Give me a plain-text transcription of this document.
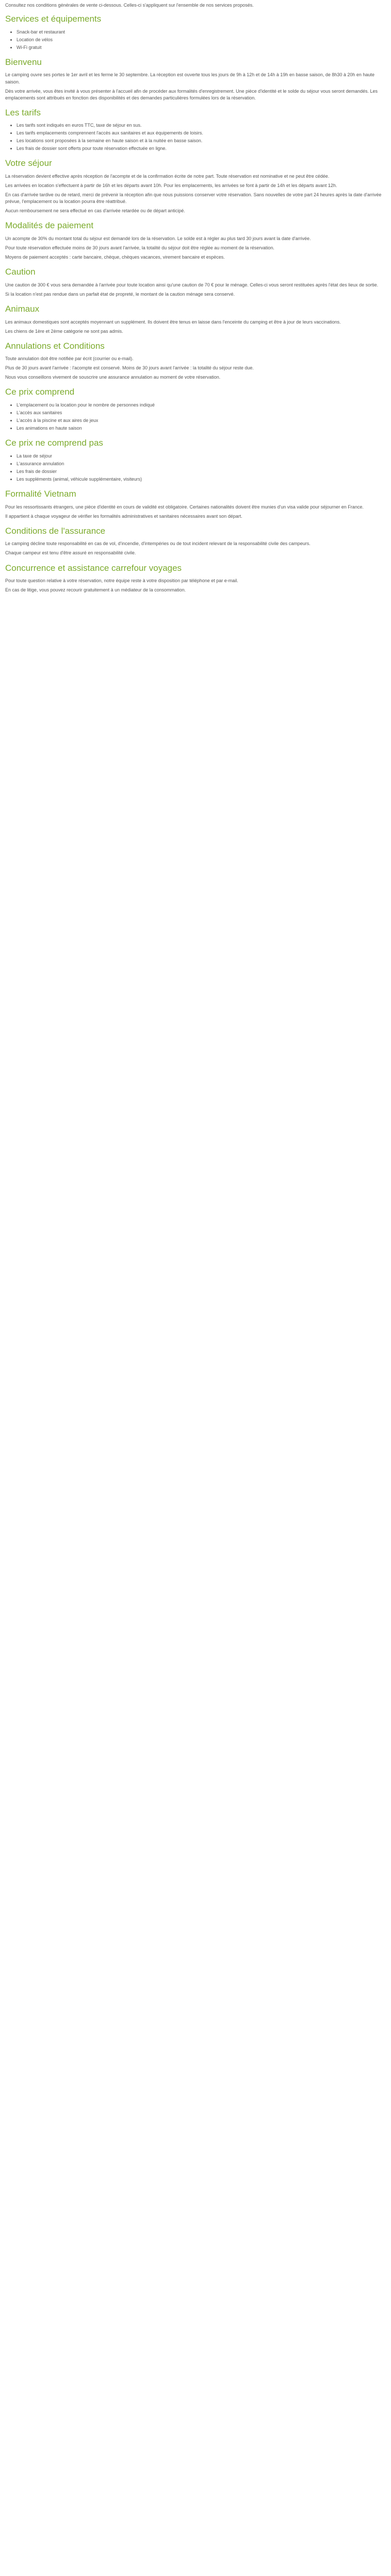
Consultez nos conditions générales de vente ci-dessous. Celles-ci s'appliquent sur l'ensemble de nos services proposés.

Services et équipements
• Snack-bar et restaurant
• Location de vélos
• Wi-Fi gratuit
Bienvenu

Le camping ouvre ses portes le 1er avril et les ferme le 30 septembre. La réception est ouverte tous les jours de 9h à 12h et de 14h à 19h en basse saison, de 8h30 à 20h en haute saison.

Dès votre arrivée, vous êtes invité à vous présenter à l'accueil afin de procéder aux formalités d'enregistrement. Une pièce d'identité et le solde du séjour vous seront demandés. Les emplacements sont attribués en fonction des disponibilités et des demandes particulières formulées lors de la réservation.

Les tarifs
• Les tarifs sont indiqués en euros TTC, taxe de séjour en sus.
• Les tarifs emplacements comprennent l'accès aux sanitaires et aux équipements de loisirs.
• Les locations sont proposées à la semaine en haute saison et à la nuitée en basse saison.
• Les frais de dossier sont offerts pour toute réservation effectuée en ligne.
Votre séjour

La réservation devient effective après réception de l'acompte et de la confirmation écrite de notre part. Toute réservation est nominative et ne peut être cédée.

Les arrivées en location s'effectuent à partir de 16h et les départs avant 10h. Pour les emplacements, les arrivées se font à partir de 14h et les départs avant 12h.

En cas d'arrivée tardive ou de retard, merci de prévenir la réception afin que nous puissions conserver votre réservation. Sans nouvelles de votre part 24 heures après la date d'arrivée prévue, l'emplacement ou la location pourra être réattribué.

Aucun remboursement ne sera effectué en cas d'arrivée retardée ou de départ anticipé.

Modalités de paiement

Un acompte de 30% du montant total du séjour est demandé lors de la réservation. Le solde est à régler au plus tard 30 jours avant la date d'arrivée.

Pour toute réservation effectuée moins de 30 jours avant l'arrivée, la totalité du séjour doit être réglée au moment de la réservation.

Moyens de paiement acceptés : carte bancaire, chèque, chèques vacances, virement bancaire et espèces.

Caution

Une caution de 300 € vous sera demandée à l'arrivée pour toute location ainsi qu'une caution de 70 € pour le ménage. Celles-ci vous seront restituées après l'état des lieux de sortie.

Si la location n'est pas rendue dans un parfait état de propreté, le montant de la caution ménage sera conservé.

Animaux

Les animaux domestiques sont acceptés moyennant un supplément. Ils doivent être tenus en laisse dans l'enceinte du camping et être à jour de leurs vaccinations.

Les chiens de 1ère et 2ème catégorie ne sont pas admis.

Annulations et Conditions

Toute annulation doit être notifiée par écrit (courrier ou e-mail).

Plus de 30 jours avant l'arrivée : l'acompte est conservé. Moins de 30 jours avant l'arrivée : la totalité du séjour reste due.

Nous vous conseillons vivement de souscrire une assurance annulation au moment de votre réservation.

Ce prix comprend
• L'emplacement ou la location pour le nombre de personnes indiqué
• L'accès aux sanitaires
• L'accès à la piscine et aux aires de jeux
• Les animations en haute saison
Ce prix ne comprend pas
• La taxe de séjour
• L'assurance annulation
• Les frais de dossier
• Les suppléments (animal, véhicule supplémentaire, visiteurs)
Formalité Vietnam

Pour les ressortissants étrangers, une pièce d'identité en cours de validité est obligatoire. Certaines nationalités doivent être munies d'un visa valide pour séjourner en France.

Il appartient à chaque voyageur de vérifier les formalités administratives et sanitaires nécessaires avant son départ.

Conditions de l'assurance

Le camping décline toute responsabilité en cas de vol, d'incendie, d'intempéries ou de tout incident relevant de la responsabilité civile des campeurs.

Chaque campeur est tenu d'être assuré en responsabilité civile.

Concurrence et assistance carrefour voyages

Pour toute question relative à votre réservation, notre équipe reste à votre disposition par téléphone et par e-mail.

En cas de litige, vous pouvez recourir gratuitement à un médiateur de la consommation.
